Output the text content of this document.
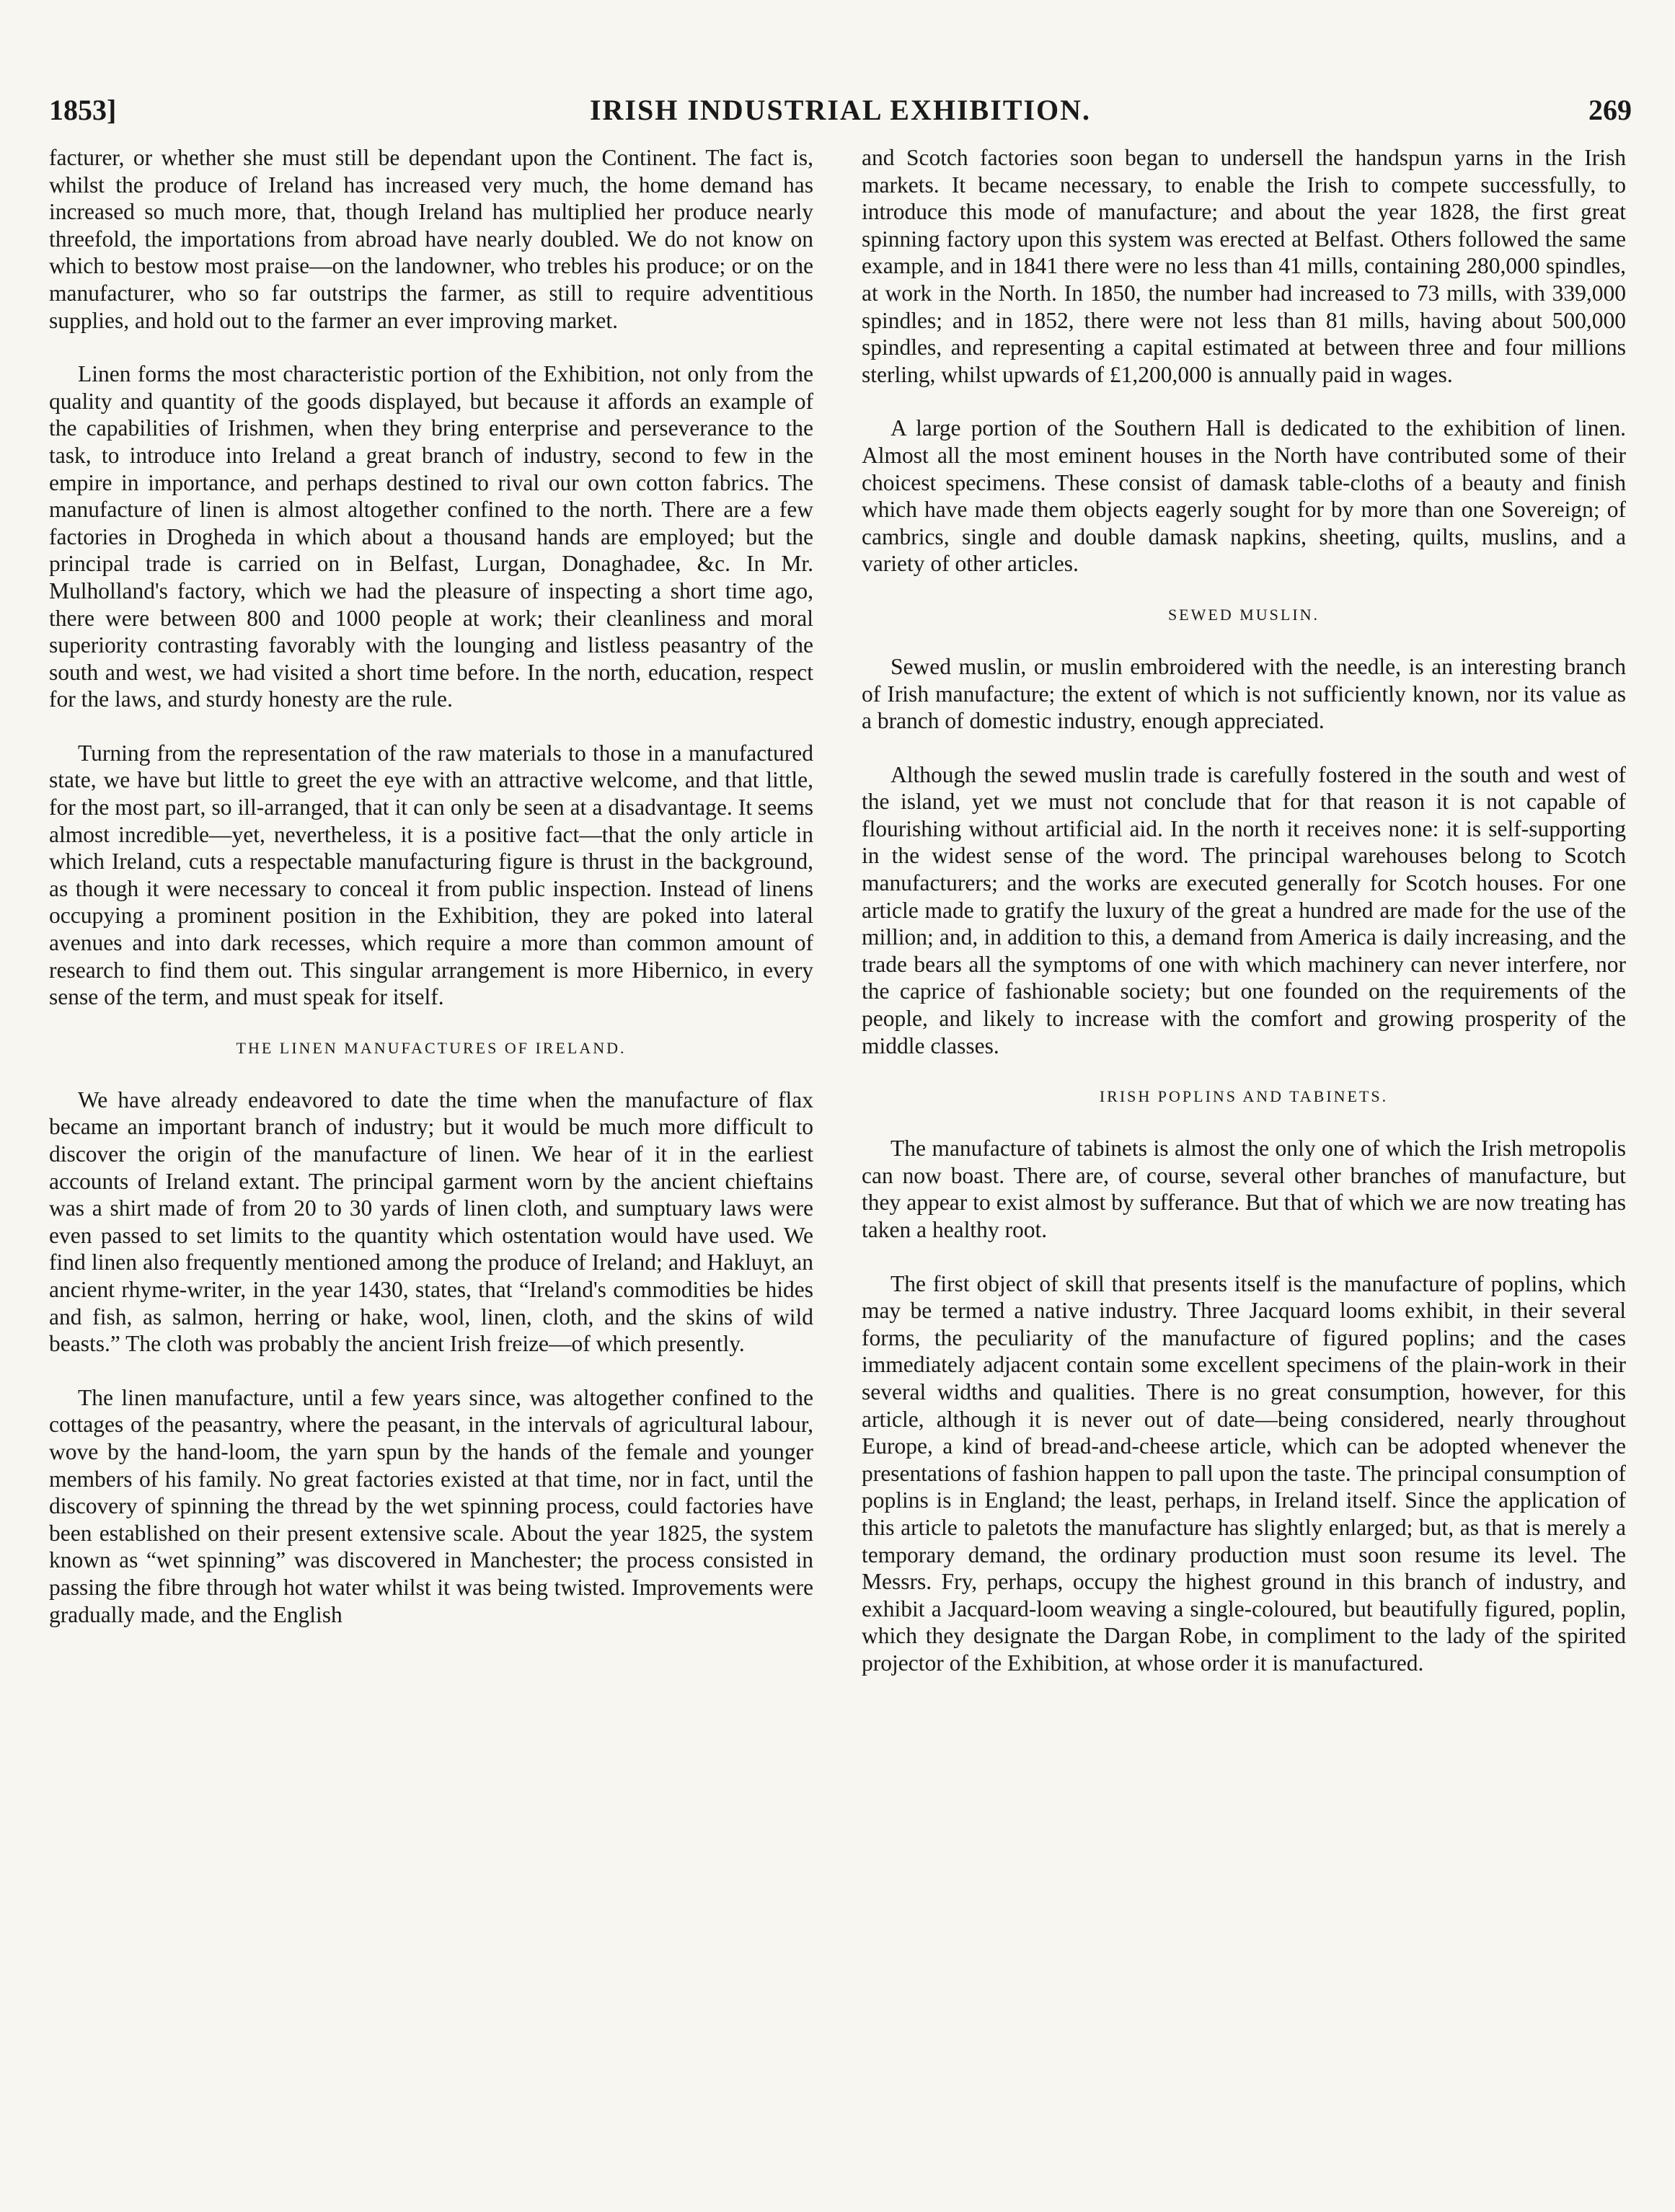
1853]	IRISH INDUSTRIAL EXHIBITION.	269

facturer, or whether she must still be dependant upon the Continent. The fact is, whilst the produce of Ireland has increased very much, the home demand has increased so much more, that, though Ireland has multiplied her produce nearly threefold, the importations from abroad have nearly doubled. We do not know on which to bestow most praise—on the landowner, who trebles his produce; or on the manufacturer, who so far outstrips the farmer, as still to require adventitious supplies, and hold out to the farmer an ever improving market.

Linen forms the most characteristic portion of the Exhibition, not only from the quality and quantity of the goods displayed, but because it affords an example of the capabilities of Irishmen, when they bring enterprise and perseverance to the task, to introduce into Ireland a great branch of industry, second to few in the empire in importance, and perhaps destined to rival our own cotton fabrics. The manufacture of linen is almost altogether confined to the north. There are a few factories in Drogheda in which about a thousand hands are employed; but the principal trade is carried on in Belfast, Lurgan, Donaghadee, &c. In Mr. Mulholland's factory, which we had the pleasure of inspecting a short time ago, there were between 800 and 1000 people at work; their cleanliness and moral superiority contrasting favorably with the lounging and listless peasantry of the south and west, we had visited a short time before. In the north, education, respect for the laws, and sturdy honesty are the rule.

Turning from the representation of the raw materials to those in a manufactured state, we have but little to greet the eye with an attractive welcome, and that little, for the most part, so ill-arranged, that it can only be seen at a disadvantage. It seems almost incredible—yet, nevertheless, it is a positive fact—that the only article in which Ireland, cuts a respectable manufacturing figure is thrust in the background, as though it were necessary to conceal it from public inspection. Instead of linens occupying a prominent position in the Exhibition, they are poked into lateral avenues and into dark recesses, which require a more than common amount of research to find them out. This singular arrangement is more Hibernico, in every sense of the term, and must speak for itself.

THE LINEN MANUFACTURES OF IRELAND.

We have already endeavored to date the time when the manufacture of flax became an important branch of industry; but it would be much more difficult to discover the origin of the manufacture of linen. We hear of it in the earliest accounts of Ireland extant. The principal garment worn by the ancient chieftains was a shirt made of from 20 to 30 yards of linen cloth, and sumptuary laws were even passed to set limits to the quantity which ostentation would have used. We find linen also frequently mentioned among the produce of Ireland; and Hakluyt, an ancient rhyme-writer, in the year 1430, states, that “Ireland's commodities be hides and fish, as salmon, herring or hake, wool, linen, cloth, and the skins of wild beasts.” The cloth was probably the ancient Irish freize—of which presently.

The linen manufacture, until a few years since, was altogether confined to the cottages of the peasantry, where the peasant, in the intervals of agricultural labour, wove by the hand-loom, the yarn spun by the hands of the female and younger members of his family. No great factories existed at that time, nor in fact, until the discovery of spinning the thread by the wet spinning process, could factories have been established on their present extensive scale. About the year 1825, the system known as “wet spinning” was discovered in Manchester; the process consisted in passing the fibre through hot water whilst it was being twisted. Improvements were gradually made, and the English

and Scotch factories soon began to undersell the handspun yarns in the Irish markets. It became necessary, to enable the Irish to compete successfully, to introduce this mode of manufacture; and about the year 1828, the first great spinning factory upon this system was erected at Belfast. Others followed the same example, and in 1841 there were no less than 41 mills, containing 280,000 spindles, at work in the North. In 1850, the number had increased to 73 mills, with 339,000 spindles; and in 1852, there were not less than 81 mills, having about 500,000 spindles, and representing a capital estimated at between three and four millions sterling, whilst upwards of £1,200,000 is annually paid in wages.

A large portion of the Southern Hall is dedicated to the exhibition of linen. Almost all the most eminent houses in the North have contributed some of their choicest specimens. These consist of damask table-cloths of a beauty and finish which have made them objects eagerly sought for by more than one Sovereign; of cambrics, single and double damask napkins, sheeting, quilts, muslins, and a variety of other articles.

SEWED MUSLIN.

Sewed muslin, or muslin embroidered with the needle, is an interesting branch of Irish manufacture; the extent of which is not sufficiently known, nor its value as a branch of domestic industry, enough appreciated.

Although the sewed muslin trade is carefully fostered in the south and west of the island, yet we must not conclude that for that reason it is not capable of flourishing without artificial aid. In the north it receives none: it is self-supporting in the widest sense of the word. The principal warehouses belong to Scotch manufacturers; and the works are executed generally for Scotch houses. For one article made to gratify the luxury of the great a hundred are made for the use of the million; and, in addition to this, a demand from America is daily increasing, and the trade bears all the symptoms of one with which machinery can never interfere, nor the caprice of fashionable society; but one founded on the requirements of the people, and likely to increase with the comfort and growing prosperity of the middle classes.

IRISH POPLINS AND TABINETS.

The manufacture of tabinets is almost the only one of which the Irish metropolis can now boast. There are, of course, several other branches of manufacture, but they appear to exist almost by sufferance. But that of which we are now treating has taken a healthy root.

The first object of skill that presents itself is the manufacture of poplins, which may be termed a native industry. Three Jacquard looms exhibit, in their several forms, the peculiarity of the manufacture of figured poplins; and the cases immediately adjacent contain some excellent specimens of the plain-work in their several widths and qualities. There is no great consumption, however, for this article, although it is never out of date—being considered, nearly throughout Europe, a kind of bread-and-cheese article, which can be adopted whenever the presentations of fashion happen to pall upon the taste. The principal consumption of poplins is in England; the least, perhaps, in Ireland itself. Since the application of this article to paletots the manufacture has slightly enlarged; but, as that is merely a temporary demand, the ordinary production must soon resume its level. The Messrs. Fry, perhaps, occupy the highest ground in this branch of industry, and exhibit a Jacquard-loom weaving a single-coloured, but beautifully figured, poplin, which they designate the Dargan Robe, in compliment to the lady of the spirited projector of the Exhibition, at whose order it is manufactured.
